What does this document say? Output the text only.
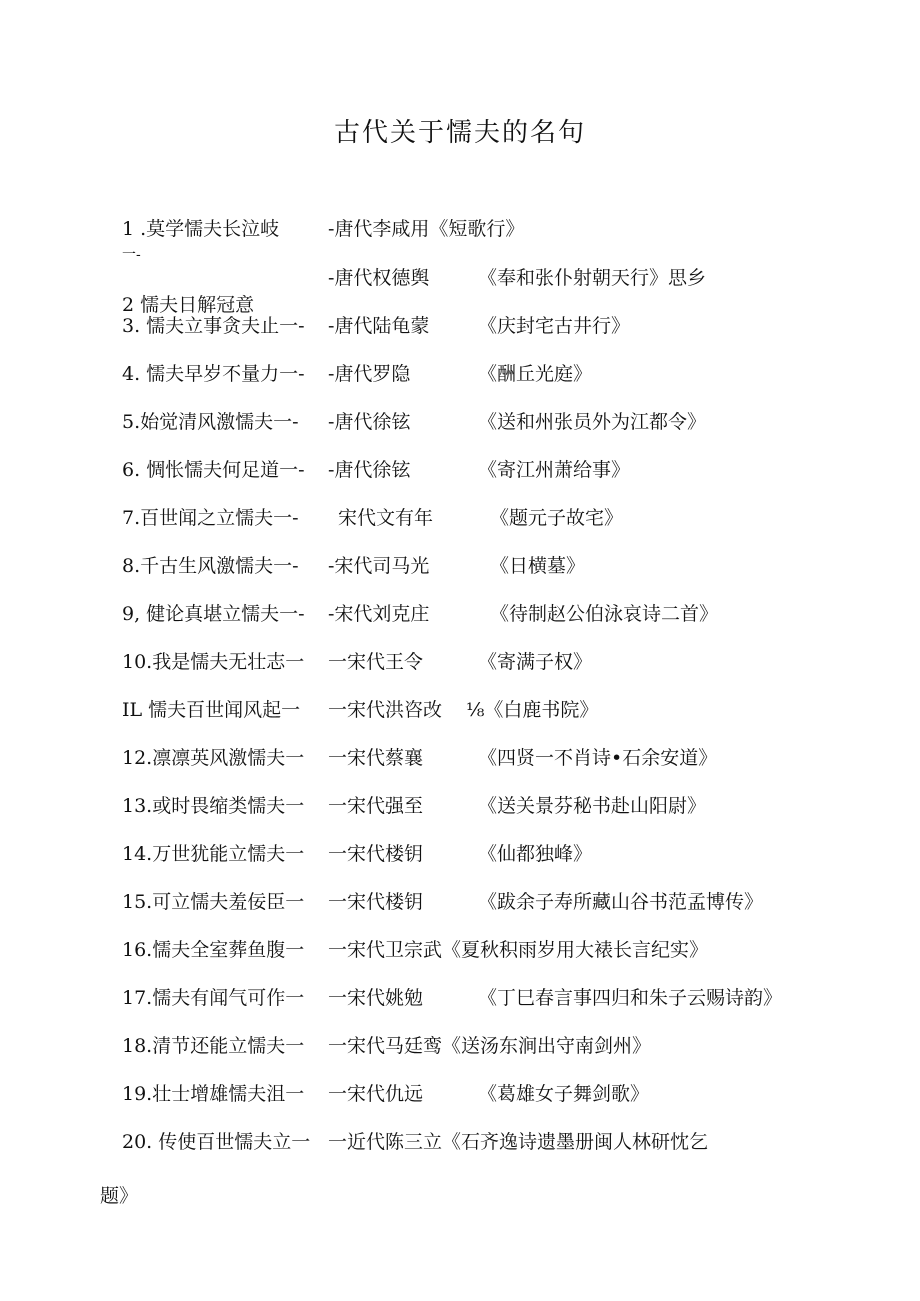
古代关于懦夫的名句
1 .莫学懦夫长泣岐	-唐代李咸用《短歌行》
一-
-唐代权德舆	《奉和张仆射朝天行》思乡
2 懦夫日解冠意
3. 懦夫立事贪夫止一- -唐代陆龟蒙	《庆封宅古井行》
4. 懦夫早岁不量力一- -唐代罗隐	《酬丘光庭》
5.始觉清风激懦夫一- -唐代徐铉	《送和州张员外为江都令》
6. 惆怅懦夫何足道一- -唐代徐铉	《寄江州萧给事》
7.百世闻之立懦夫一- 宋代文有年	《题元子故宅》
8.千古生风激懦夫一- -宋代司马光	《日横墓》
9, 健论真堪立懦夫一- -宋代刘克庄	《待制赵公伯泳哀诗二首》
10.我是懦夫无壮志一 一宋代王令	《寄满子权》
IL 懦夫百世闻风起一 一宋代洪咨改 ⅛《白鹿书院》
12.凛凛英风激懦夫一 一宋代蔡襄	《四贤一不肖诗•石余安道》
13.或时畏缩类懦夫一 一宋代强至	《送关景芬秘书赴山阳尉》
14.万世犹能立懦夫一 一宋代楼钥	《仙都独峰》
15.可立懦夫羞佞臣一 一宋代楼钥	《跋余子寿所藏山谷书范孟博传》
16.懦夫全室葬鱼腹一 一宋代卫宗武《夏秋积雨岁用大裱长言纪实》
17.懦夫有闻气可作一 一宋代姚勉	《丁巳春言事四归和朱子云赐诗韵》
18.清节还能立懦夫一 一宋代马廷鸾《送汤东涧出守南剑州》
19.壮士增雄懦夫沮一 一宋代仇远	《葛雄女子舞剑歌》
20. 传使百世懦夫立一 一近代陈三立《石齐逸诗遗墨册闽人林研忱乞
题》
